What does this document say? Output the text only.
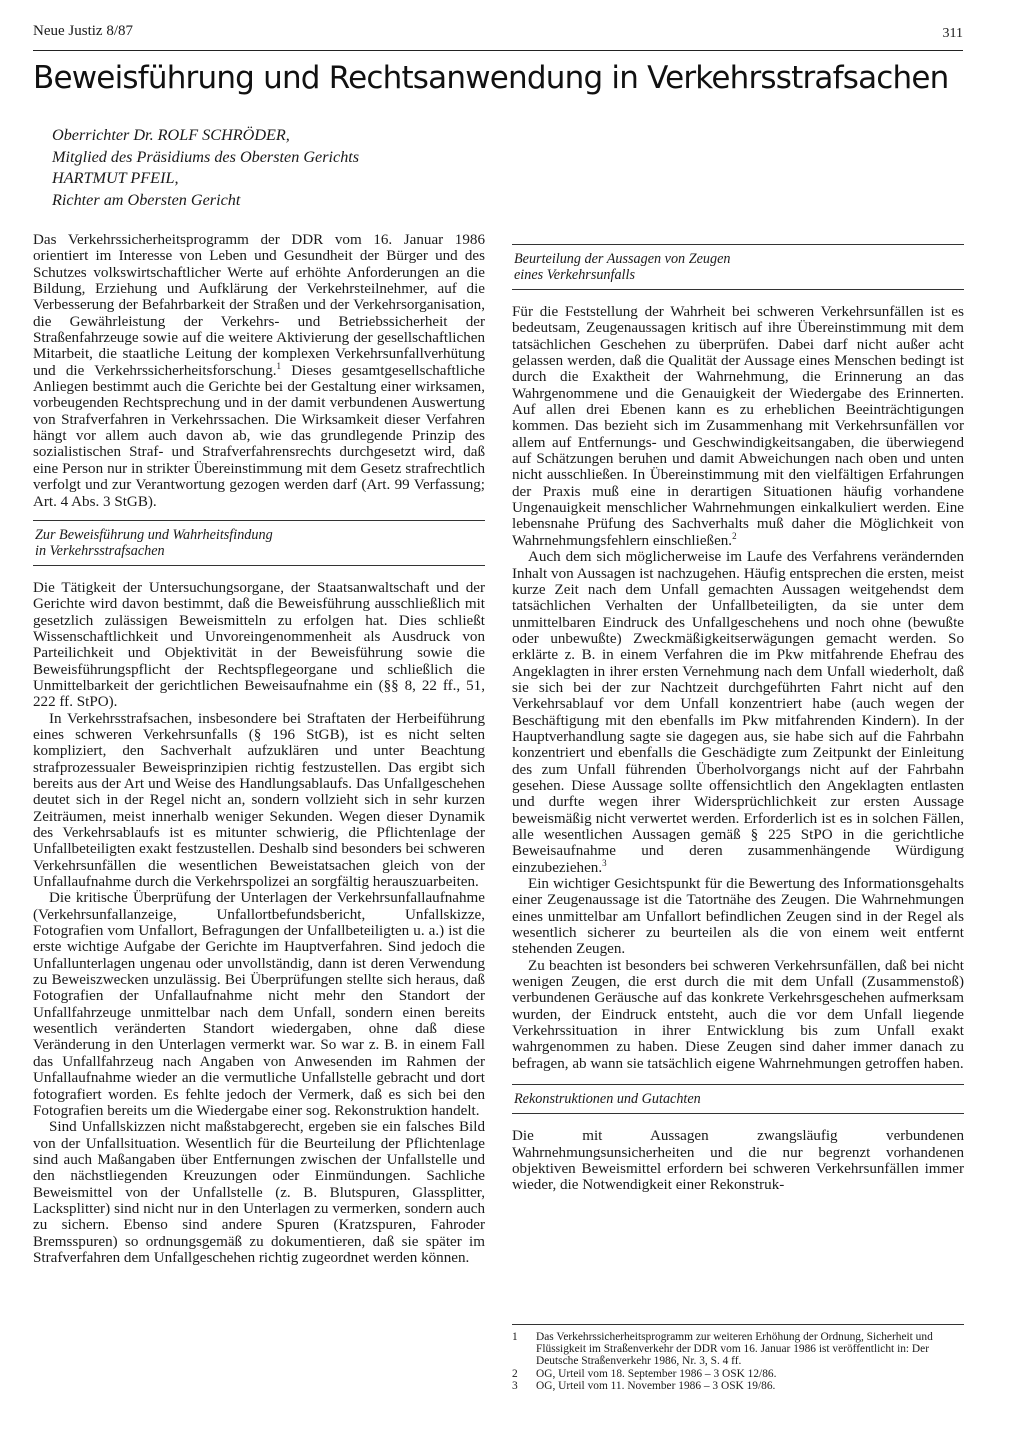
Neue Justiz 8/87	311
Beweisführung und Rechtsanwendung in Verkehrsstrafsachen
Oberrichter Dr. ROLF SCHRÖDER,
Mitglied des Präsidiums des Obersten Gerichts
HARTMUT PFEIL,
Richter am Obersten Gericht

Das Verkehrssicherheitsprogramm der DDR vom 16. Januar 1986 orientiert im Interesse von Leben und Gesundheit der Bürger und des Schutzes volkswirtschaftlicher Werte auf erhöhte Anforderungen an die Bildung, Erziehung und Aufklärung der Verkehrsteilnehmer, auf die Verbesserung der Befahrbarkeit der Straßen und der Verkehrsorganisation, die Gewährleistung der Verkehrs- und Betriebssicherheit der Straßenfahrzeuge sowie auf die weitere Aktivierung der gesellschaftlichen Mitarbeit, die staatliche Leitung der komplexen Verkehrsunfallverhütung und die Verkehrssicherheitsforschung.$^1$ Dieses gesamtgesellschaftliche Anliegen bestimmt auch die Gerichte bei der Gestaltung einer wirksamen, vorbeugenden Rechtsprechung und in der damit verbundenen Auswertung von Strafverfahren in Verkehrssachen. Die Wirksamkeit dieser Verfahren hängt vor allem auch davon ab, wie das grundlegende Prinzip des sozialistischen Straf- und Strafverfahrensrechts durchgesetzt wird, daß eine Person nur in strikter Übereinstimmung mit dem Gesetz strafrechtlich verfolgt und zur Verantwortung gezogen werden darf (Art. 99 Verfassung; Art. 4 Abs. 3 StGB).

Zur Beweisführung und Wahrheitsfindung
in Verkehrsstrafsachen

Die Tätigkeit der Untersuchungsorgane, der Staatsanwaltschaft und der Gerichte wird davon bestimmt, daß die Beweisführung ausschließlich mit gesetzlich zulässigen Beweismitteln zu erfolgen hat. Dies schließt Wissenschaftlichkeit und Unvoreingenommenheit als Ausdruck von Parteilichkeit und Objektivität in der Beweisführung sowie die Beweisführungspflicht der Rechtspflegeorgane und schließlich die Unmittelbarkeit der gerichtlichen Beweisaufnahme ein (§§ 8, 22 ff., 51, 222 ff. StPO).

In Verkehrsstrafsachen, insbesondere bei Straftaten der Herbeiführung eines schweren Verkehrsunfalls (§ 196 StGB), ist es nicht selten kompliziert, den Sachverhalt aufzuklären und unter Beachtung strafprozessualer Beweisprinzipien richtig festzustellen. Das ergibt sich bereits aus der Art und Weise des Handlungsablaufs. Das Unfallgeschehen deutet sich in der Regel nicht an, sondern vollzieht sich in sehr kurzen Zeiträumen, meist innerhalb weniger Sekunden. Wegen dieser Dynamik des Verkehrsablaufs ist es mitunter schwierig, die Pflichtenlage der Unfallbeteiligten exakt festzustellen. Deshalb sind besonders bei schweren Verkehrsunfällen die wesentlichen Beweistatsachen gleich von der Unfallaufnahme durch die Verkehrspolizei an sorgfältig herauszuarbeiten.

Die kritische Überprüfung der Unterlagen der Verkehrsunfallaufnahme (Verkehrsunfallanzeige, Unfallortbefundsbericht, Unfallskizze, Fotografien vom Unfallort, Befragungen der Unfallbeteiligten u. a.) ist die erste wichtige Aufgabe der Gerichte im Hauptverfahren. Sind jedoch die Unfallunterlagen ungenau oder unvollständig, dann ist deren Verwendung zu Beweiszwecken unzulässig. Bei Überprüfungen stellte sich heraus, daß Fotografien der Unfallaufnahme nicht mehr den Standort der Unfallfahrzeuge unmittelbar nach dem Unfall, sondern einen bereits wesentlich veränderten Standort wiedergaben, ohne daß diese Veränderung in den Unterlagen vermerkt war. So war z. B. in einem Fall das Unfallfahrzeug nach Angaben von Anwesenden im Rahmen der Unfallaufnahme wieder an die vermutliche Unfallstelle gebracht und dort fotografiert worden. Es fehlte jedoch der Vermerk, daß es sich bei den Fotografien bereits um die Wiedergabe einer sog. Rekonstruktion handelt.

Sind Unfallskizzen nicht maßstabgerecht, ergeben sie ein falsches Bild von der Unfallsituation. Wesentlich für die Beurteilung der Pflichtenlage sind auch Maßangaben über Entfernungen zwischen der Unfallstelle und den nächstliegenden Kreuzungen oder Einmündungen. Sachliche Beweismittel von der Unfallstelle (z. B. Blutspuren, Glassplitter, Lacksplitter) sind nicht nur in den Unterlagen zu vermerken, sondern auch zu sichern. Ebenso sind andere Spuren (Kratzspuren, Fahroder Bremsspuren) so ordnungsgemäß zu dokumentieren, daß sie später im Strafverfahren dem Unfallgeschehen richtig zugeordnet werden können.

Beurteilung der Aussagen von Zeugen
eines Verkehrsunfalls

Für die Feststellung der Wahrheit bei schweren Verkehrsunfällen ist es bedeutsam, Zeugenaussagen kritisch auf ihre Übereinstimmung mit dem tatsächlichen Geschehen zu überprüfen. Dabei darf nicht außer acht gelassen werden, daß die Qualität der Aussage eines Menschen bedingt ist durch die Exaktheit der Wahrnehmung, die Erinnerung an das Wahrgenommene und die Genauigkeit der Wiedergabe des Erinnerten. Auf allen drei Ebenen kann es zu erheblichen Beeinträchtigungen kommen. Das bezieht sich im Zusammenhang mit Verkehrsunfällen vor allem auf Entfernungs- und Geschwindigkeitsangaben, die überwiegend auf Schätzungen beruhen und damit Abweichungen nach oben und unten nicht ausschließen. In Übereinstimmung mit den vielfältigen Erfahrungen der Praxis muß eine in derartigen Situationen häufig vorhandene Ungenauigkeit menschlicher Wahrnehmungen einkalkuliert werden. Eine lebensnahe Prüfung des Sachverhalts muß daher die Möglichkeit von Wahrnehmungsfehlern einschließen.$^2$

Auch dem sich möglicherweise im Laufe des Verfahrens verändernden Inhalt von Aussagen ist nachzugehen. Häufig entsprechen die ersten, meist kurze Zeit nach dem Unfall gemachten Aussagen weitgehendst dem tatsächlichen Verhalten der Unfallbeteiligten, da sie unter dem unmittelbaren Eindruck des Unfallgeschehens und noch ohne (bewußte oder unbewußte) Zweckmäßigkeitserwägungen gemacht werden. So erklärte z. B. in einem Verfahren die im Pkw mitfahrende Ehefrau des Angeklagten in ihrer ersten Vernehmung nach dem Unfall wiederholt, daß sie sich bei der zur Nachtzeit durchgeführten Fahrt nicht auf den Verkehrsablauf vor dem Unfall konzentriert habe (auch wegen der Beschäftigung mit den ebenfalls im Pkw mitfahrenden Kindern). In der Hauptverhandlung sagte sie dagegen aus, sie habe sich auf die Fahrbahn konzentriert und ebenfalls die Geschädigte zum Zeitpunkt der Einleitung des zum Unfall führenden Überholvorgangs nicht auf der Fahrbahn gesehen. Diese Aussage sollte offensichtlich den Angeklagten entlasten und durfte wegen ihrer Widersprüchlichkeit zur ersten Aussage beweismäßig nicht verwertet werden. Erforderlich ist es in solchen Fällen, alle wesentlichen Aussagen gemäß § 225 StPO in die gerichtliche Beweisaufnahme und deren zusammenhängende Würdigung einzubeziehen.$^3$

Ein wichtiger Gesichtspunkt für die Bewertung des Informationsgehalts einer Zeugenaussage ist die Tatortnähe des Zeugen. Die Wahrnehmungen eines unmittelbar am Unfallort befindlichen Zeugen sind in der Regel als wesentlich sicherer zu beurteilen als die von einem weit entfernt stehenden Zeugen.

Zu beachten ist besonders bei schweren Verkehrsunfällen, daß bei nicht wenigen Zeugen, die erst durch die mit dem Unfall (Zusammenstoß) verbundenen Geräusche auf das konkrete Verkehrsgeschehen aufmerksam wurden, der Eindruck entsteht, auch die vor dem Unfall liegende Verkehrssituation in ihrer Entwicklung bis zum Unfall exakt wahrgenommen zu haben. Diese Zeugen sind daher immer danach zu befragen, ab wann sie tatsächlich eigene Wahrnehmungen getroffen haben.

Rekonstruktionen und Gutachten

Die mit Aussagen zwangsläufig verbundenen Wahrnehmungsunsicherheiten und die nur begrenzt vorhandenen objektiven Beweismittel erfordern bei schweren Verkehrsunfällen immer wieder, die Notwendigkeit einer Rekonstruk-

1	Das Verkehrssicherheitsprogramm zur weiteren Erhöhung der Ordnung, Sicherheit und Flüssigkeit im Straßenverkehr der DDR vom 16. Januar 1986 ist veröffentlicht in: Der Deutsche Straßenverkehr 1986, Nr. 3, S. 4 ff.
2	OG, Urteil vom 18. September 1986 – 3 OSK 12/86.
3	OG, Urteil vom 11. November 1986 – 3 OSK 19/86.
